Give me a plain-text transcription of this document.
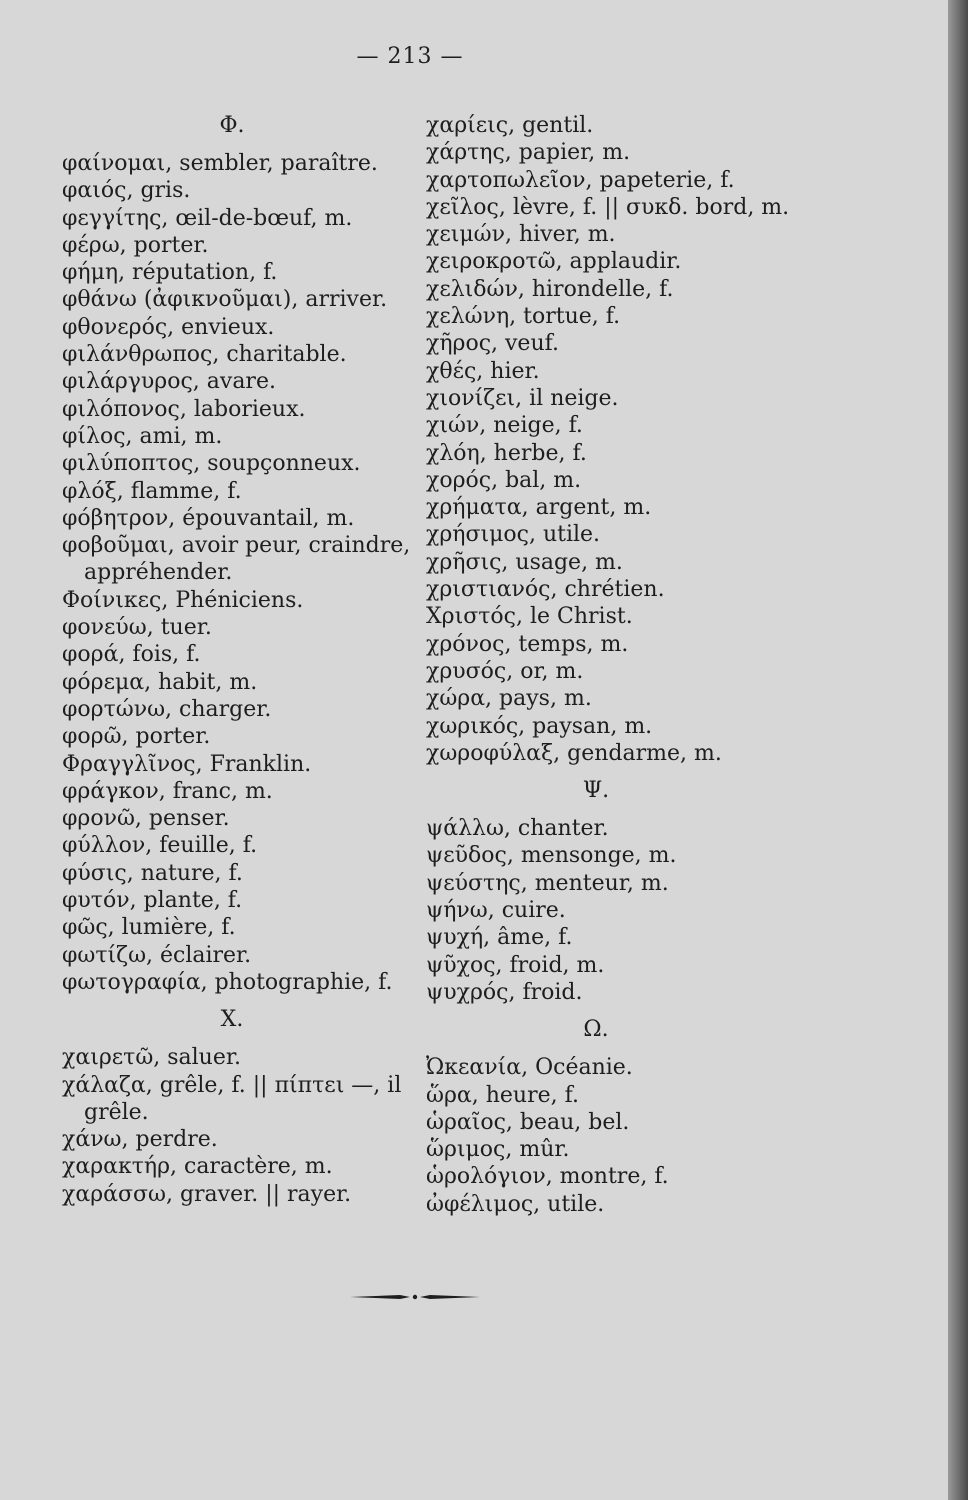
— 213 —
Φ.
φαίνομαι, sembler, paraître.
φαιός, gris.
φεγγίτης, œil-de-bœuf, m.
φέρω, porter.
φήμη, réputation, f.
φθάνω (ἀφικνοῦμαι), arriver.
φθονερός, envieux.
φιλάνθρωπος, charitable.
φιλάργυρος, avare.
φιλόπονος, laborieux.
φίλος, ami, m.
φιλύποπτος, soupçonneux.
φλόξ, flamme, f.
φόβητρον, épouvantail, m.
φοβοῦμαι, avoir peur, craindre,
appréhender.
Φοίνικες, Phéniciens.
φονεύω, tuer.
φορά, fois, f.
φόρεμα, habit, m.
φορτώνω, charger.
φορῶ, porter.
Φραγγλῖνος, Franklin.
φράγκον, franc, m.
φρονῶ, penser.
φύλλον, feuille, f.
φύσις, nature, f.
φυτόν, plante, f.
φῶς, lumière, f.
φωτίζω, éclairer.
φωτογραφία, photographie, f.
X.
χαιρετῶ, saluer.
χάλαζα, grêle, f. || πίπτει —, il
grêle.
χάνω, perdre.
χαρακτήρ, caractère, m.
χαράσσω, graver. || rayer.
χαρίεις, gentil.
χάρτης, papier, m.
χαρτοπωλεῖον, papeterie, f.
χεῖλος, lèvre, f. || συκδ. bord, m.
χειμών, hiver, m.
χειροκροτῶ, applaudir.
χελιδών, hirondelle, f.
χελώνη, tortue, f.
χῆρος, veuf.
χθές, hier.
χιονίζει, il neige.
χιών, neige, f.
χλόη, herbe, f.
χορός, bal, m.
χρήματα, argent, m.
χρήσιμος, utile.
χρῆσις, usage, m.
χριστιανός, chrétien.
Χριστός, le Christ.
χρόνος, temps, m.
χρυσός, or, m.
χώρα, pays, m.
χωρικός, paysan, m.
χωροφύλαξ, gendarme, m.
Ψ.
ψάλλω, chanter.
ψεῦδος, mensonge, m.
ψεύστης, menteur, m.
ψήνω, cuire.
ψυχή, âme, f.
ψῦχος, froid, m.
ψυχρός, froid.
Ω.
Ὠκεανία, Océanie.
ὥρα, heure, f.
ὡραῖος, beau, bel.
ὥριμος, mûr.
ὡρολόγιον, montre, f.
ὠφέλιμος, utile.
